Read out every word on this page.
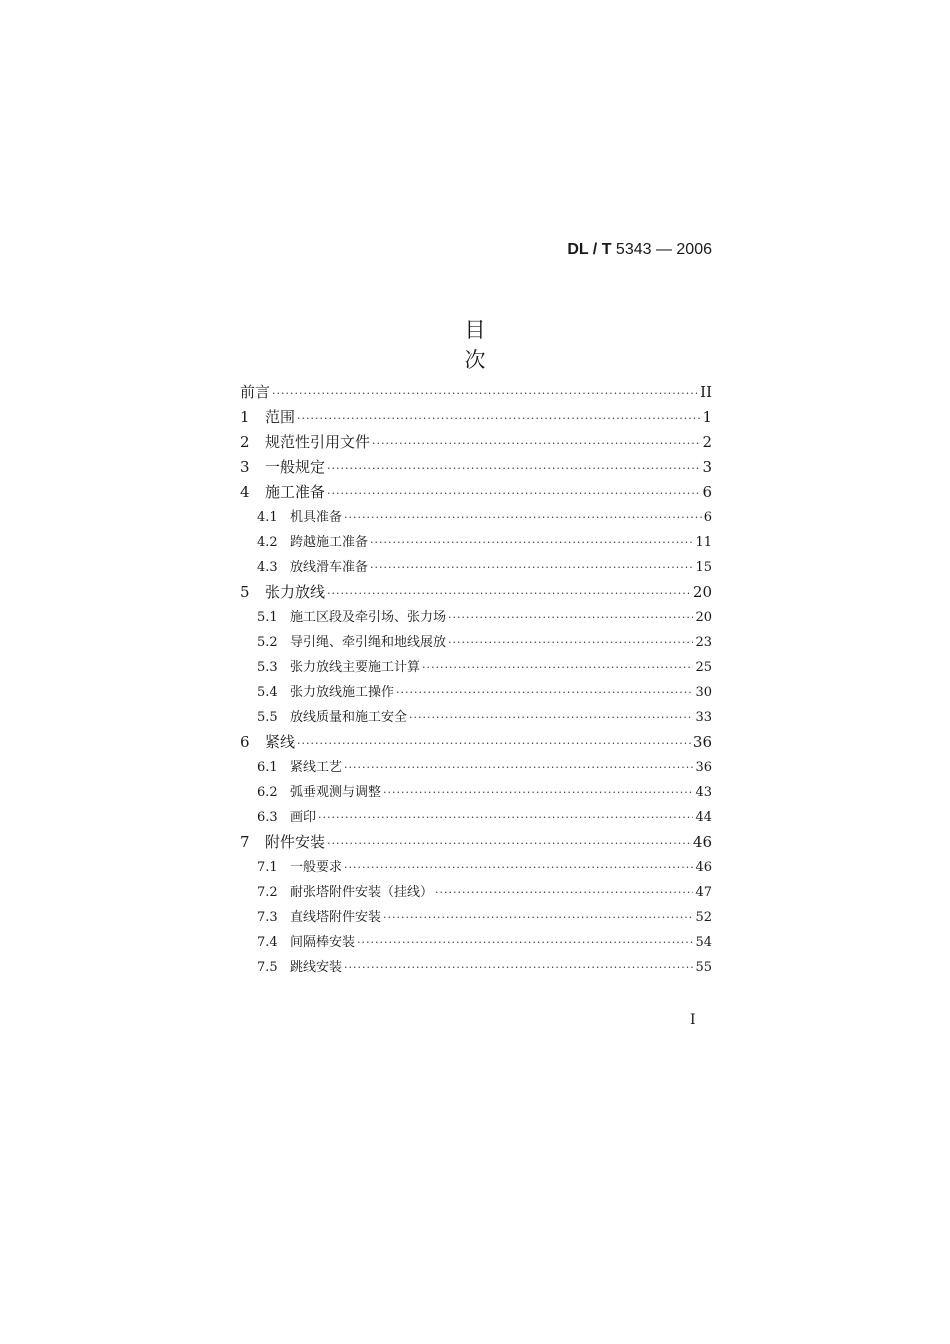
DL / T 5343 — 2006
目　次
前言 ·····	II
1	范围 ·····	1
2	规范性引用文件 ·····	2
3	一般规定 ·····	3
4	施工准备 ·····	6
4.1 机具准备 ·····	6
4.2 跨越施工准备 ·····	11
4.3 放线滑车准备 ·····	15
5	张力放线 ·····	20
5.1 施工区段及牵引场、张力场 ·····	20
5.2 导引绳、牵引绳和地线展放 ·····	23
5.3 张力放线主要施工计算 ·····	25
5.4 张力放线施工操作 ·····	30
5.5 放线质量和施工安全 ·····	33
6	紧线 ·····	36
6.1 紧线工艺 ·····	36
6.2 弧垂观测与调整 ·····	43
6.3 画印 ·····	44
7	附件安装 ·····	46
7.1 一般要求 ·····	46
7.2 耐张塔附件安装（挂线） ·····	47
7.3 直线塔附件安装 ·····	52
7.4 间隔棒安装 ·····	54
7.5 跳线安装 ·····	55
I
